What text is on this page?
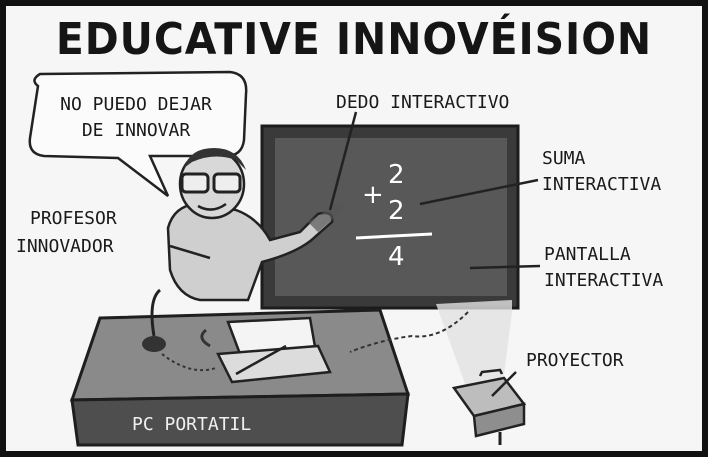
EDUCATIVE INNOVÉISION
NO PUEDO DEJAR
DE INNOVAR
DEDO INTERACTIVO
SUMA
INTERACTIVA
PANTALLA
INTERACTIVA
PROFESOR
INNOVADOR
PROYECTOR
PC PORTATIL
+
2
2
4
